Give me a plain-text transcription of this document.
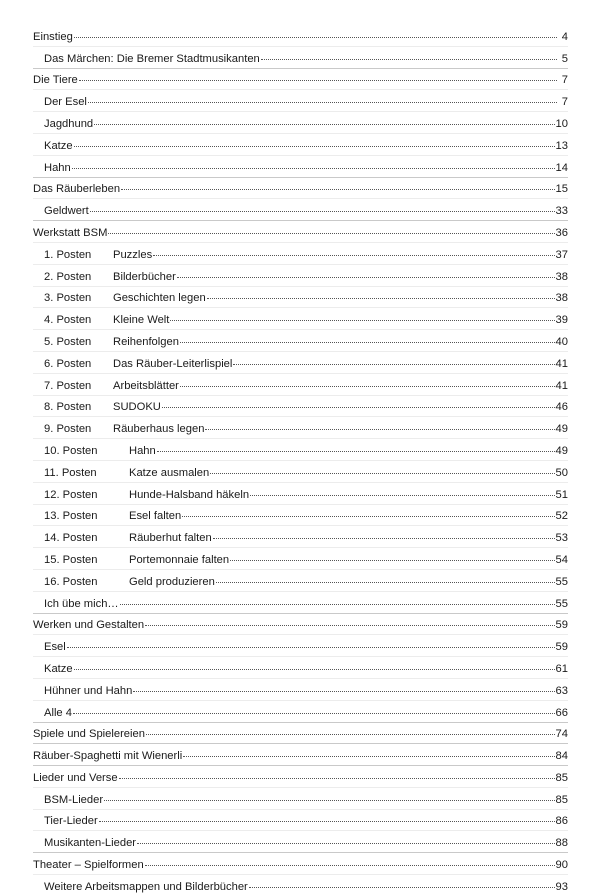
Einstieg	4
Das Märchen: Die Bremer Stadtmusikanten	5
Die Tiere	7
Der Esel	7
Jagdhund	10
Katze	13
Hahn	14
Das Räuberleben	15
Geldwert	33
Werkstatt BSM	36
1. Posten Puzzles	37
2. Posten Bilderbücher	38
3. Posten Geschichten legen	38
4. Posten Kleine Welt	39
5. Posten Reihenfolgen	40
6. Posten Das Räuber-Leiterlispiel	41
7. Posten Arbeitsblätter	41
8. Posten SUDOKU	46
9. Posten Räuberhaus legen	49
10. Posten	Hahn	49
11. Posten	Katze ausmalen	50
12. Posten	Hunde-Halsband häkeln	51
13. Posten	Esel falten	52
14. Posten	Räuberhut falten	53
15. Posten	Portemonnaie falten	54
16. Posten	Geld produzieren	55
Ich übe mich…	55
Werken und Gestalten	59
Esel	59
Katze	61
Hühner und Hahn	63
Alle 4	66
Spiele und Spielereien	74
Räuber-Spaghetti mit Wienerli	84
Lieder und Verse	85
BSM-Lieder	85
Tier-Lieder	86
Musikanten-Lieder	88
Theater – Spielformen	90
Weitere Arbeitsmappen und Bilderbücher	93
